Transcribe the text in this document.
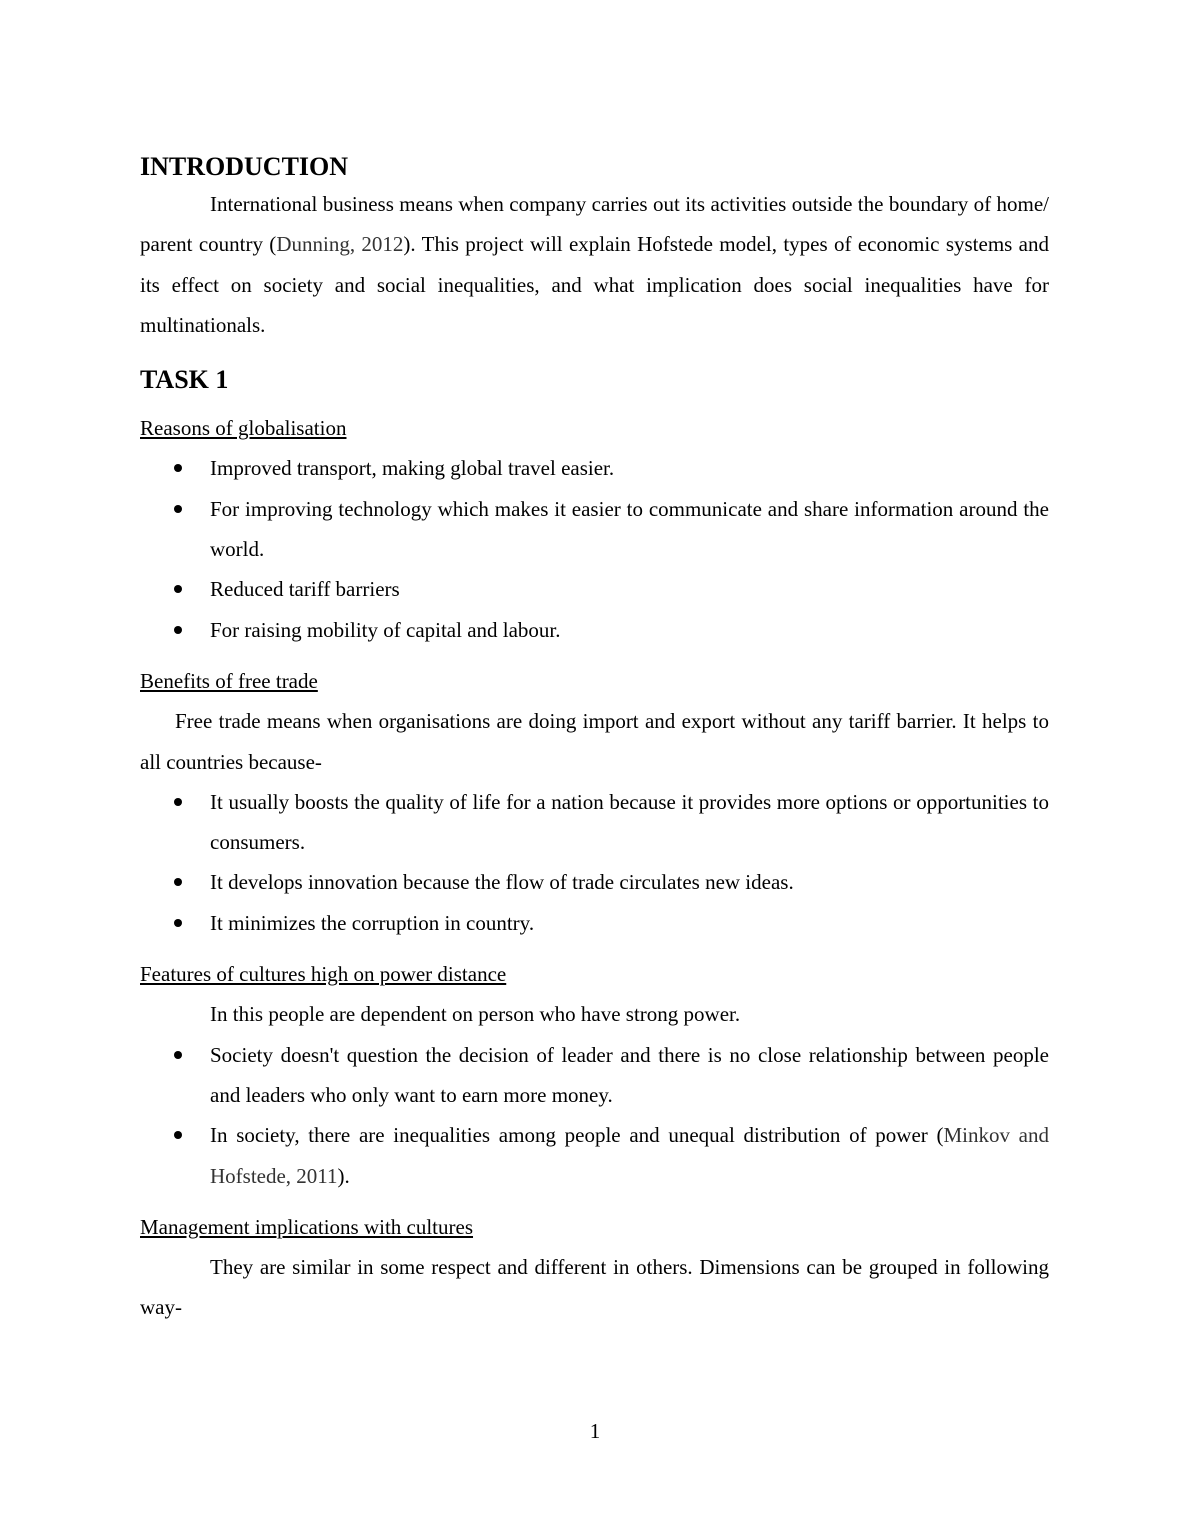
INTRODUCTION

International business means when company carries out its activities outside the boundary of home/ parent country (Dunning, 2012). This project will explain Hofstede model, types of economic systems and its effect on society and social inequalities, and what implication does social inequalities have for multinationals.

TASK 1

Reasons of globalisation

Improved transport, making global travel easier.
For improving technology which makes it easier to communicate and share information around the world.
Reduced tariff barriers
For raising mobility of capital and labour.

Benefits of free trade

Free trade means when organisations are doing import and export without any tariff barrier. It helps to all countries because-

It usually boosts the quality of life for a nation because it provides more options or opportunities to consumers.
It develops innovation because the flow of trade circulates new ideas.
It minimizes the corruption in country.

Features of cultures high on power distance

In this people are dependent on person who have strong power.

Society doesn't question the decision of leader and there is no close relationship between people and leaders who only want to earn more money.
In society, there are inequalities among people and unequal distribution of power (Minkov and Hofstede, 2011).

Management implications with cultures

They are similar in some respect and different in others. Dimensions can be grouped in following way-

1
